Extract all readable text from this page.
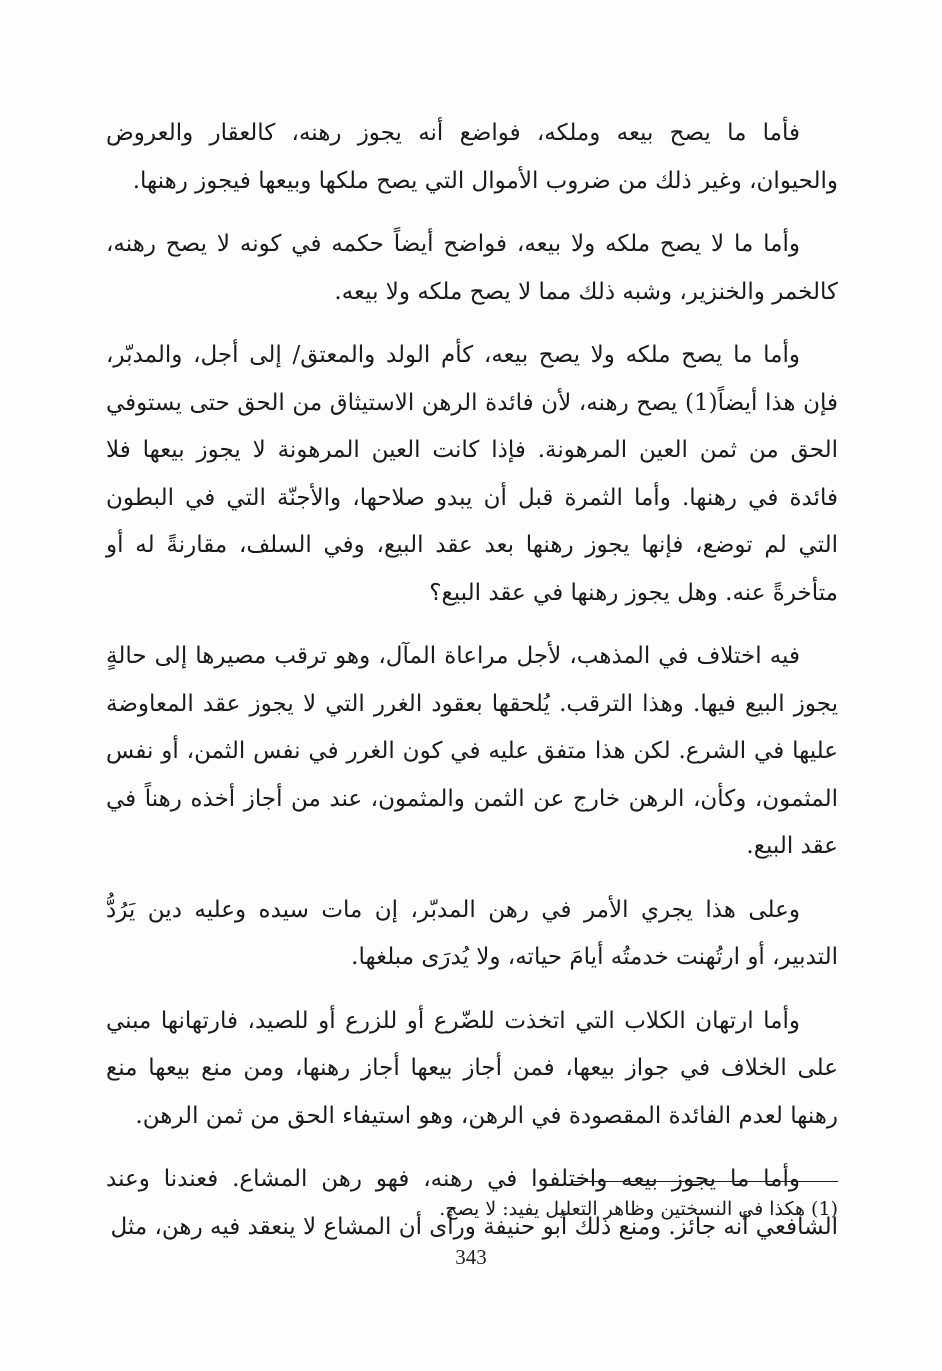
فأما ما يصح بيعه وملكه، فواضع أنه يجوز رهنه، كالعقار والعروض والحيوان، وغير ذلك من ضروب الأموال التي يصح ملكها وبيعها فيجوز رهنها.

وأما ما لا يصح ملكه ولا بيعه، فواضح أيضاً حكمه في كونه لا يصح رهنه، كالخمر والخنزير، وشبه ذلك مما لا يصح ملكه ولا بيعه.

وأما ما يصح ملكه ولا يصح بيعه، كأم الولد والمعتق/ إلى أجل، والمدبّر، فإن هذا أيضاً(1) يصح رهنه، لأن فائدة الرهن الاستيثاق من الحق حتى يستوفي الحق من ثمن العين المرهونة. فإذا كانت العين المرهونة لا يجوز بيعها فلا فائدة في رهنها. وأما الثمرة قبل أن يبدو صلاحها، والأجنّة التي في البطون التي لم توضع، فإنها يجوز رهنها بعد عقد البيع، وفي السلف، مقارنةً له أو متأخرةً عنه. وهل يجوز رهنها في عقد البيع؟

فيه اختلاف في المذهب، لأجل مراعاة المآل، وهو ترقب مصيرها إلى حالةٍ يجوز البيع فيها. وهذا الترقب. يُلحقها بعقود الغرر التي لا يجوز عقد المعاوضة عليها في الشرع. لكن هذا متفق عليه في كون الغرر في نفس الثمن، أو نفس المثمون، وكأن، الرهن خارج عن الثمن والمثمون، عند من أجاز أخذه رهناً في عقد البيع.

وعلى هذا يجري الأمر في رهن المدبّر، إن مات سيده وعليه دين يَرُدُّ التدبير، أو ارتُهنت خدمتُه أيامَ حياته، ولا يُدرَى مبلغها.

وأما ارتهان الكلاب التي اتخذت للضّرع أو للزرع أو للصيد، فارتهانها مبني على الخلاف في جواز بيعها، فمن أجاز بيعها أجاز رهنها، ومن منع بيعها منع رهنها لعدم الفائدة المقصودة في الرهن، وهو استيفاء الحق من ثمن الرهن.

وأما ما يجوز بيعه واختلفوا في رهنه، فهو رهن المشاع. فعندنا وعند الشافعي أنه جائز. ومنع ذلك أبو حنيفة ورأى أن المشاع لا ينعقد فيه رهن، مثل

(1) هكذا في النسختين وظاهر التعليل يفيد: لا يصح.

343
